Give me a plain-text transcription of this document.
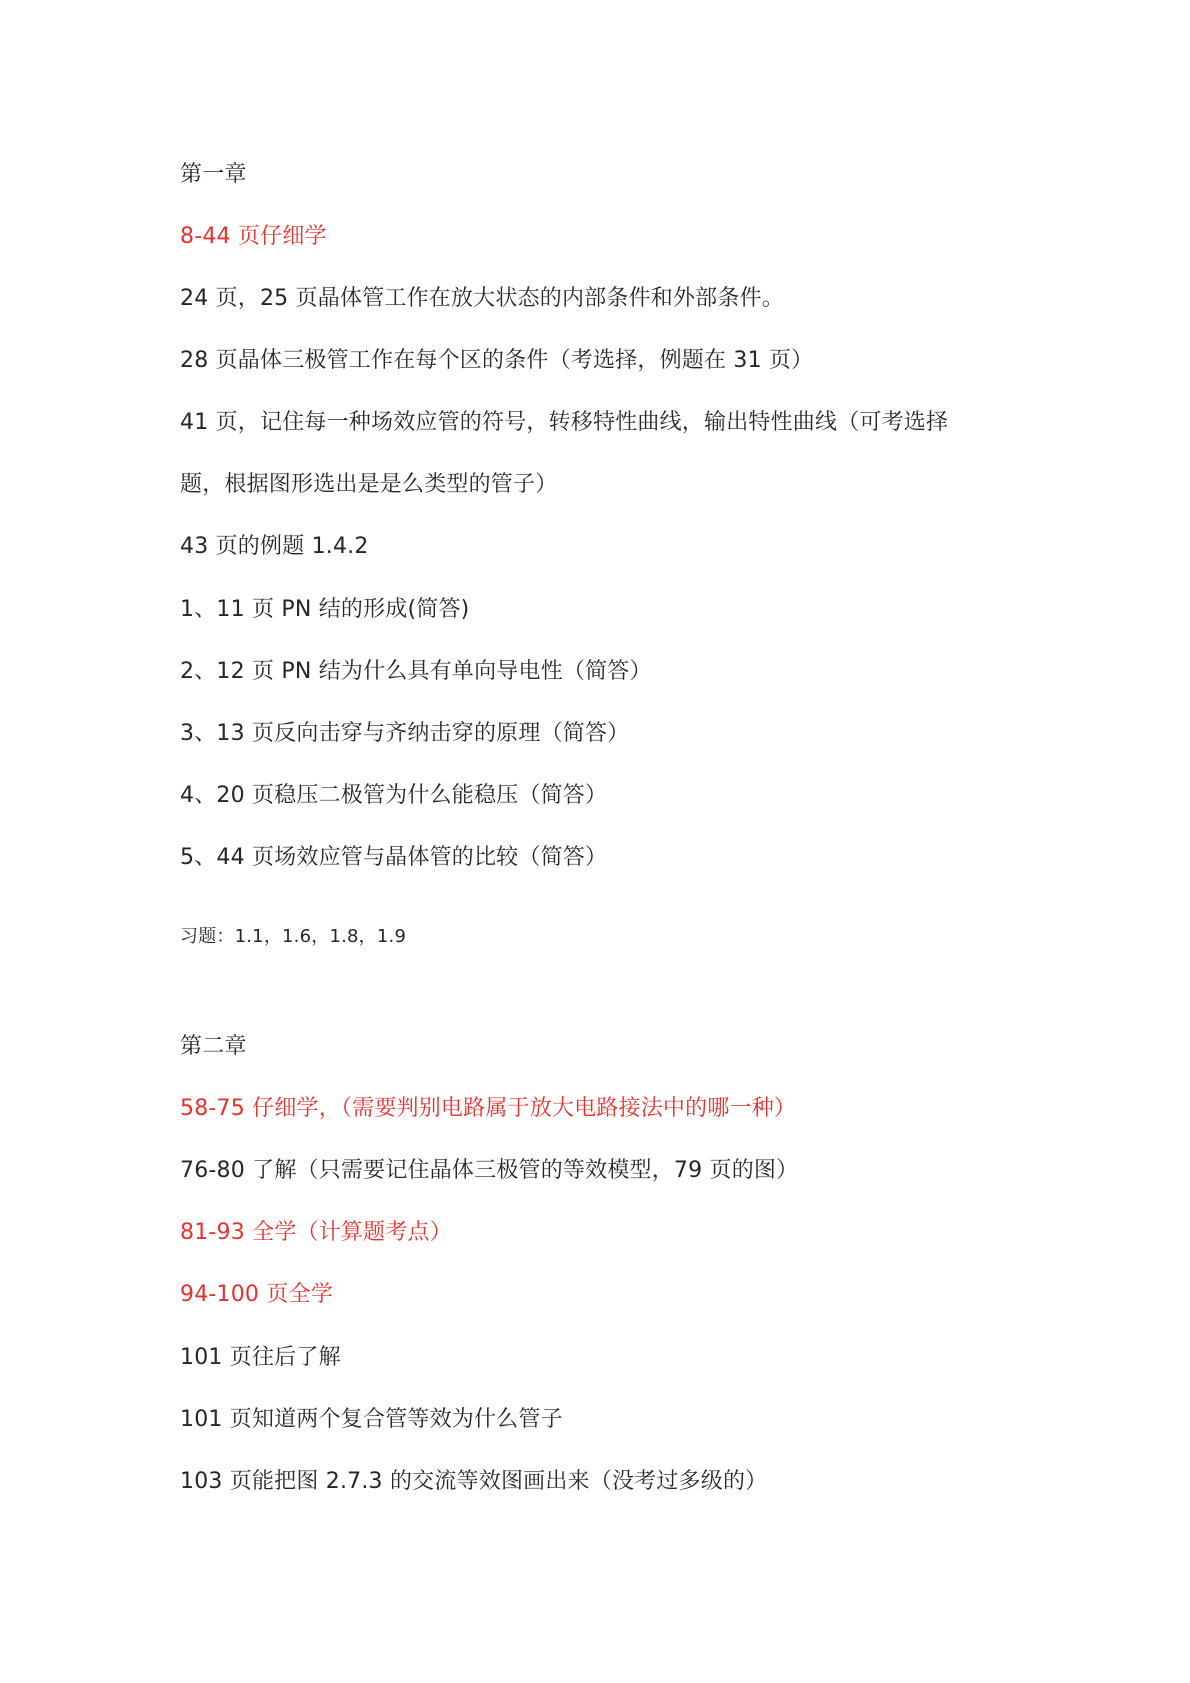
第一章
8-44 页仔细学
24 页，25 页晶体管工作在放大状态的内部条件和外部条件。
28 页晶体三极管工作在每个区的条件（考选择，例题在 31 页）
41 页，记住每一种场效应管的符号，转移特性曲线，输出特性曲线（可考选择
题，根据图形选出是是么类型的管子）
43 页的例题 1.4.2
1、11 页 PN 结的形成(简答)
2、12 页 PN 结为什么具有单向导电性（简答）
3、13 页反向击穿与齐纳击穿的原理（简答）
4、20 页稳压二极管为什么能稳压（简答）
5、44 页场效应管与晶体管的比较（简答）
习题：1.1，1.6，1.8，1.9
第二章
58-75 仔细学，（需要判别电路属于放大电路接法中的哪一种）
76-80 了解（只需要记住晶体三极管的等效模型，79 页的图）
81-93 全学（计算题考点）
94-100 页全学
101 页往后了解
101 页知道两个复合管等效为什么管子
103 页能把图 2.7.3 的交流等效图画出来（没考过多级的）
